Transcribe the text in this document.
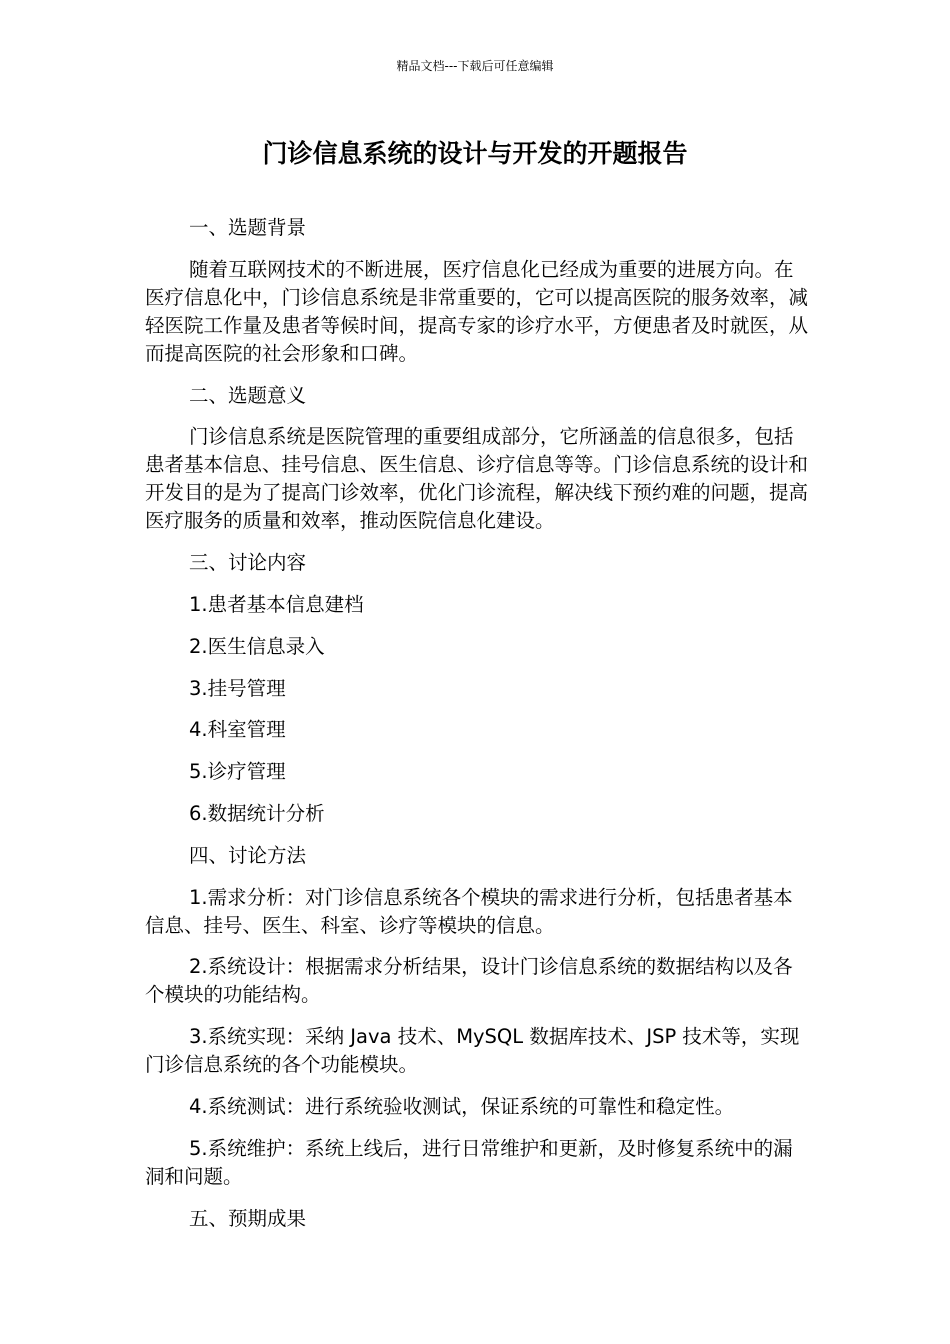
精品文档---下载后可任意编辑
门诊信息系统的设计与开发的开题报告

一、选题背景

随着互联网技术的不断进展，医疗信息化已经成为重要的进展方向。在医疗信息化中，门诊信息系统是非常重要的，它可以提高医院的服务效率，减轻医院工作量及患者等候时间，提高专家的诊疗水平，方便患者及时就医，从而提高医院的社会形象和口碑。

二、选题意义

门诊信息系统是医院管理的重要组成部分，它所涵盖的信息很多，包括患者基本信息、挂号信息、医生信息、诊疗信息等等。门诊信息系统的设计和开发目的是为了提高门诊效率，优化门诊流程，解决线下预约难的问题，提高医疗服务的质量和效率，推动医院信息化建设。

三、讨论内容

1.患者基本信息建档

2.医生信息录入

3.挂号管理

4.科室管理

5.诊疗管理

6.数据统计分析

四、讨论方法

1.需求分析：对门诊信息系统各个模块的需求进行分析，包括患者基本信息、挂号、医生、科室、诊疗等模块的信息。

2.系统设计：根据需求分析结果，设计门诊信息系统的数据结构以及各个模块的功能结构。

3.系统实现：采纳 Java 技术、MySQL 数据库技术、JSP 技术等，实现门诊信息系统的各个功能模块。

4.系统测试：进行系统验收测试，保证系统的可靠性和稳定性。

5.系统维护：系统上线后，进行日常维护和更新，及时修复系统中的漏洞和问题。

五、预期成果
